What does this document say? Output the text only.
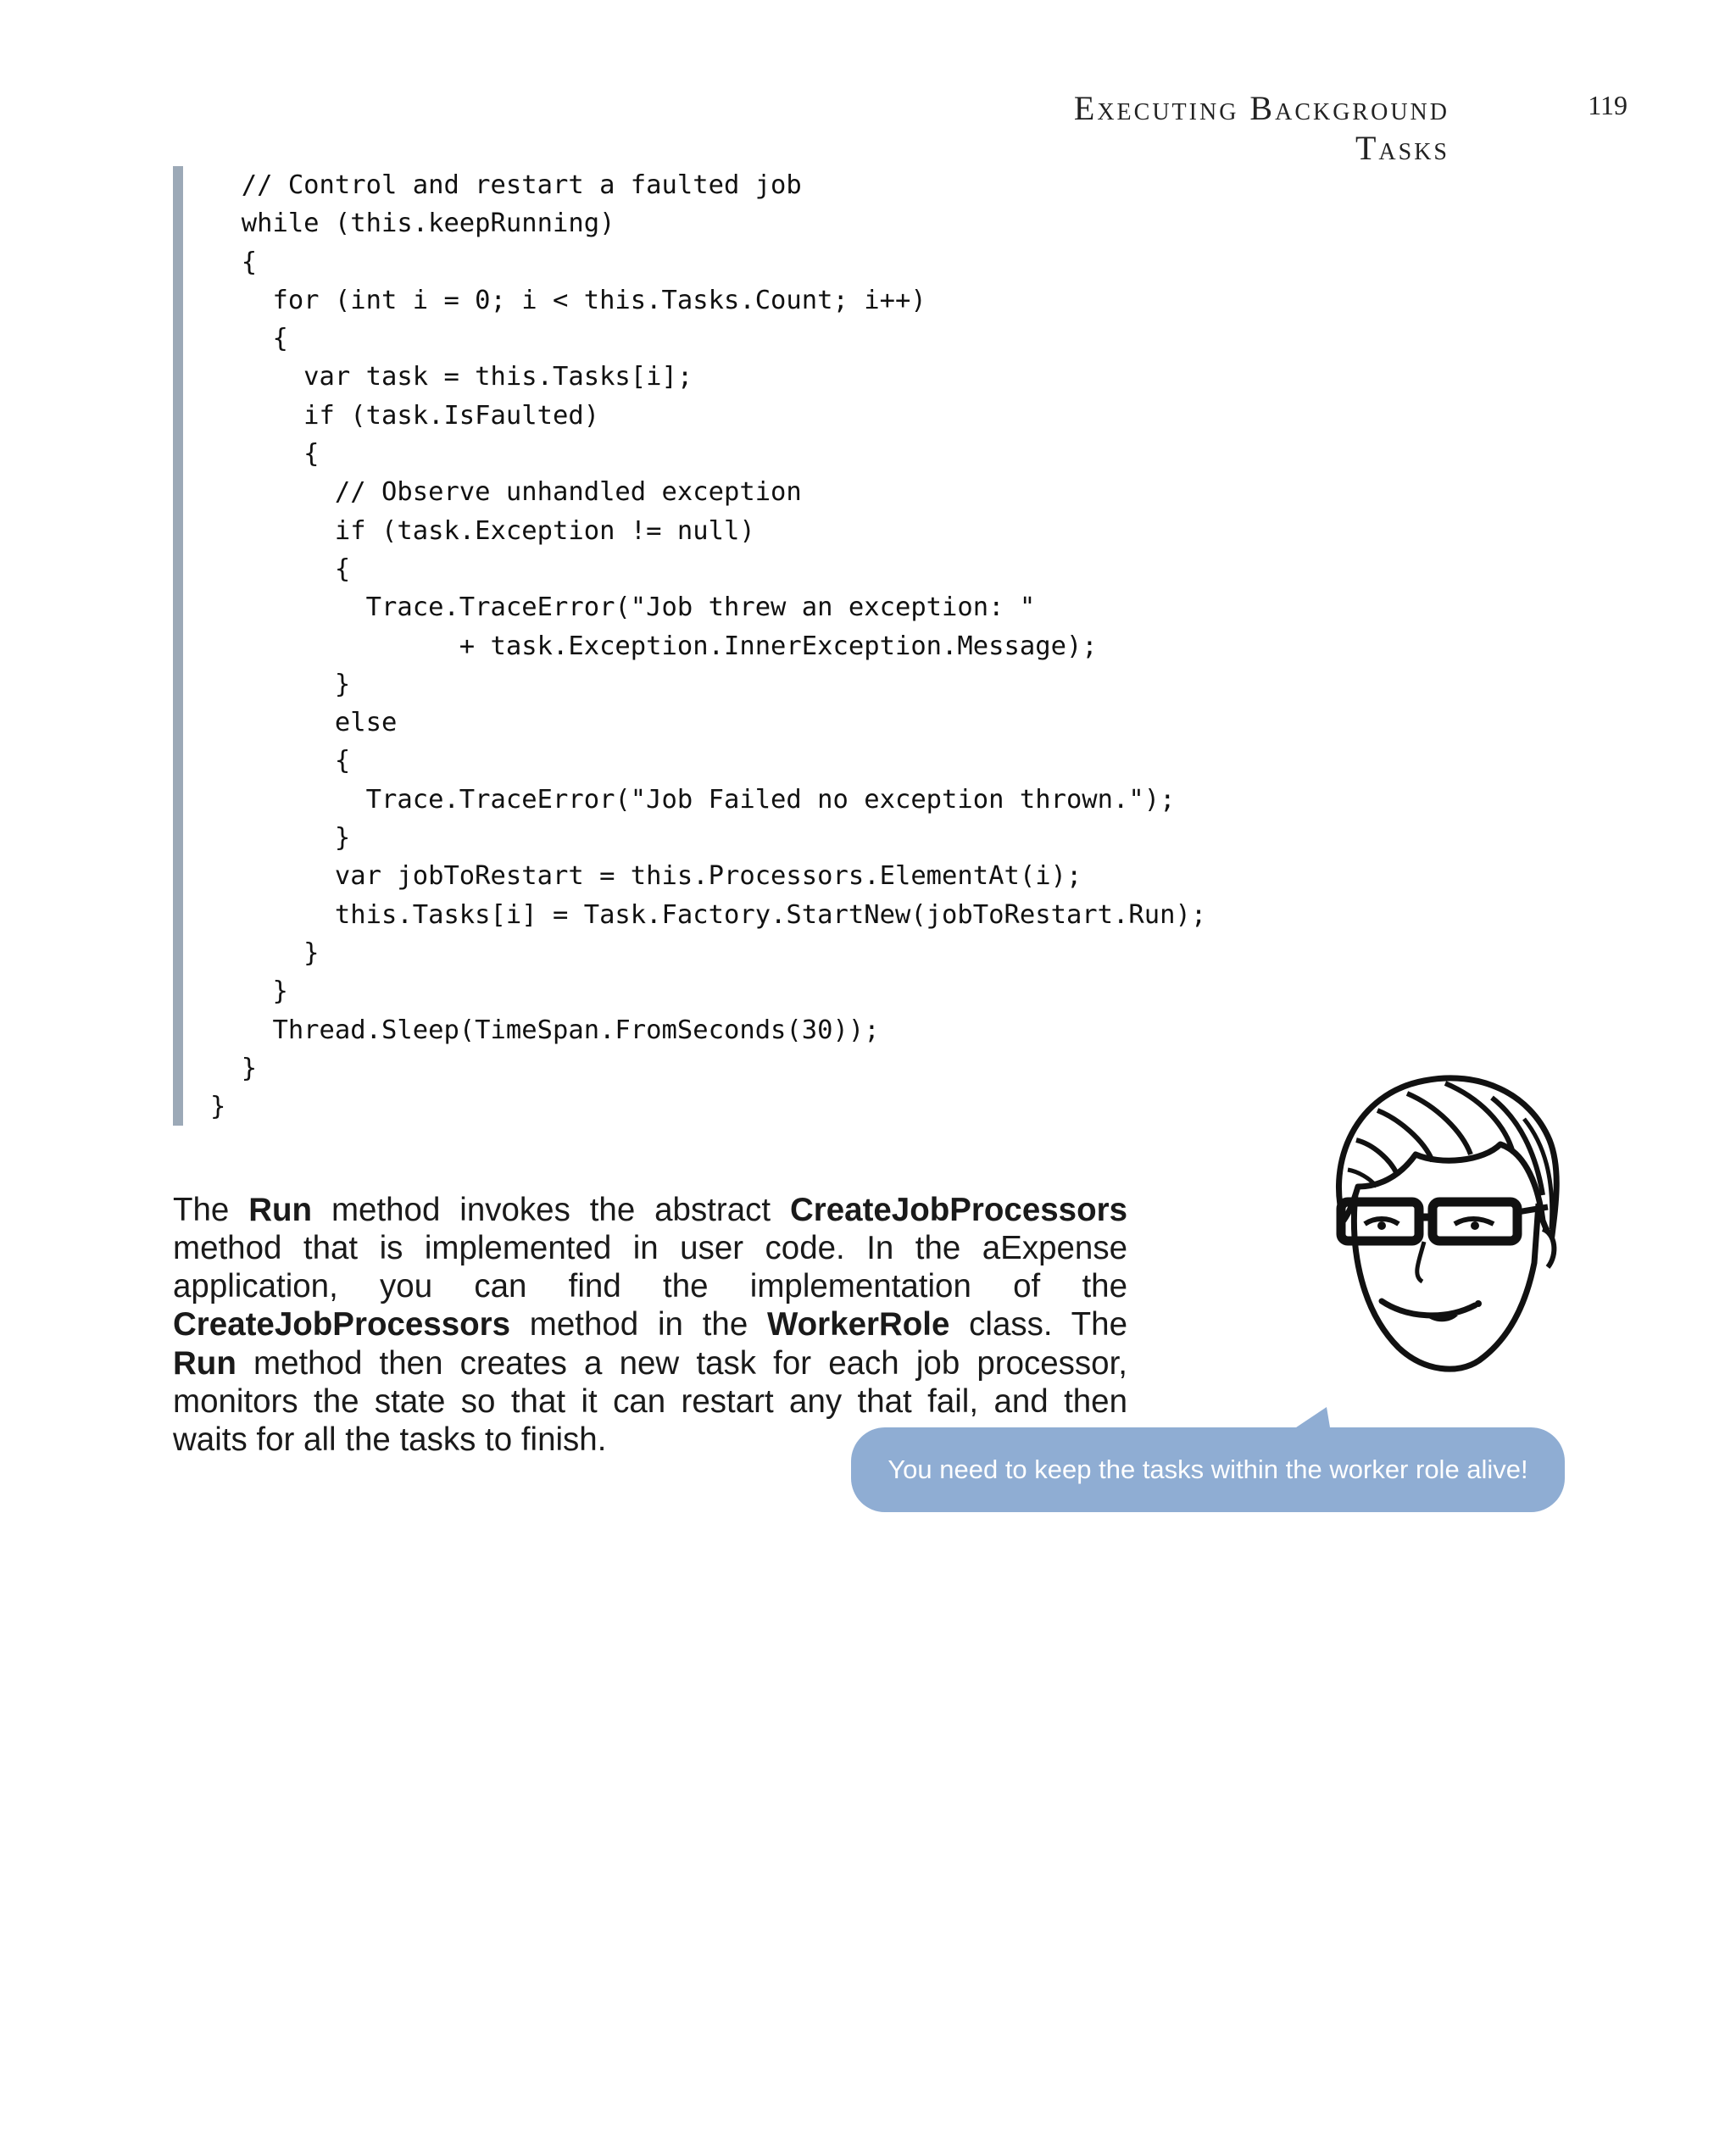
Executing Background Tasks
119
// Control and restart a faulted job
while (this.keepRunning)
{
for (int i = 0; i < this.Tasks.Count; i++)
{
var task = this.Tasks[i];
if (task.IsFaulted)
{
// Observe unhandled exception
if (task.Exception != null)
{
Trace.TraceError("Job threw an exception: "
+ task.Exception.InnerException.Message);
}
else
{
Trace.TraceError("Job Failed no exception thrown.");
}
var jobToRestart = this.Processors.ElementAt(i);
this.Tasks[i] = Task.Factory.StartNew(jobToRestart.Run);
}
}
Thread.Sleep(TimeSpan.FromSeconds(30));
}
}

The Run method invokes the abstract CreateJobProcessors method that is implemented in user code. In the aExpense application, you can find the implementation of the CreateJobProcessors method in the WorkerRole class. The Run method then creates a new task for each job processor, monitors the state so that it can restart any that fail, and then waits for all the tasks to finish.

You need to keep the tasks within the worker role alive!
